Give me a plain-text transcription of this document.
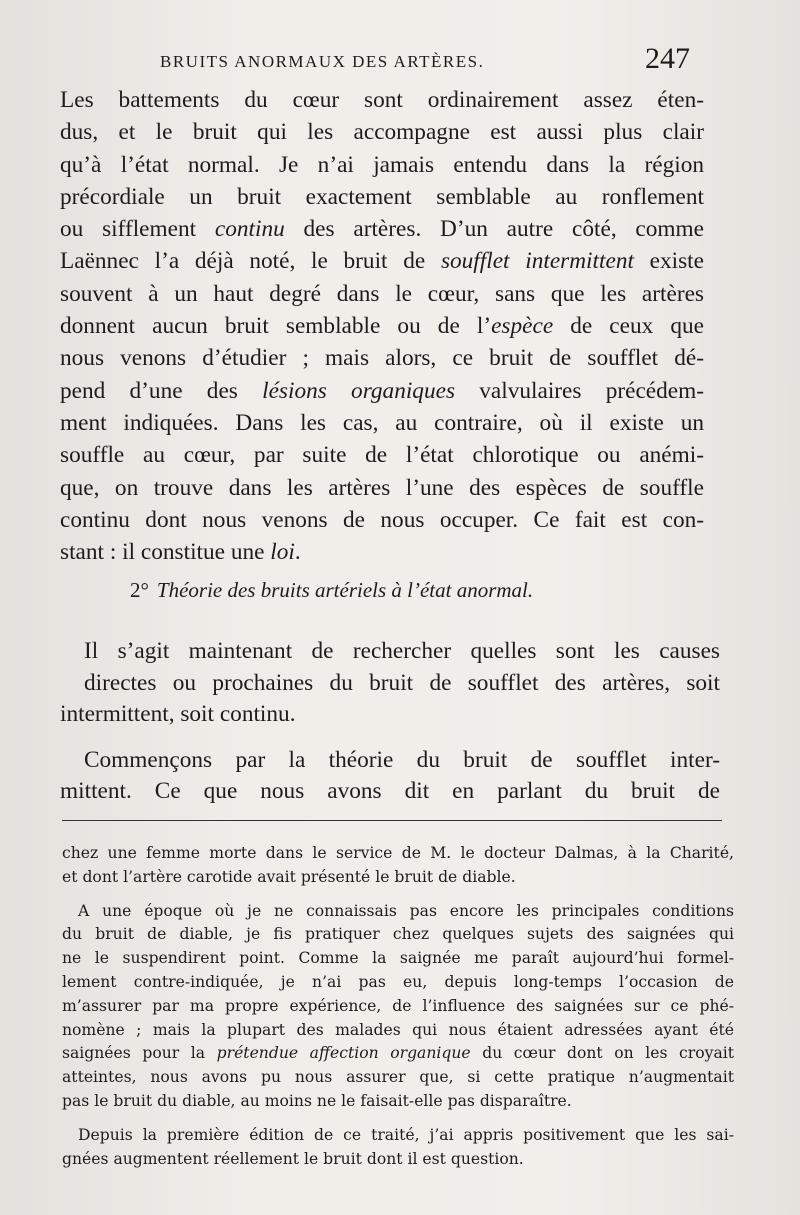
BRUITS ANORMAUX DES ARTÈRES.	247
Les battements du cœur sont ordinairement assez éten-
dus, et le bruit qui les accompagne est aussi plus clair
qu’à l’état normal. Je n’ai jamais entendu dans la région
précordiale un bruit exactement semblable au ronflement
ou sifflement continu des artères. D’un autre côté, comme
Laënnec l’a déjà noté, le bruit de soufflet intermittent existe
souvent à un haut degré dans le cœur, sans que les artères
donnent aucun bruit semblable ou de l’espèce de ceux que
nous venons d’étudier ; mais alors, ce bruit de soufflet dé-
pend d’une des lésions organiques valvulaires précédem-
ment indiquées. Dans les cas, au contraire, où il existe un
souffle au cœur, par suite de l’état chlorotique ou anémi-
que, on trouve dans les artères l’une des espèces de souffle
continu dont nous venons de nous occuper. Ce fait est con-
stant : il constitue une loi.
2° Théorie des bruits artériels à l’état anormal.
Il s’agit maintenant de rechercher quelles sont les causes
directes ou prochaines du bruit de soufflet des artères, soit
intermittent, soit continu.
Commençons par la théorie du bruit de soufflet inter-
mittent. Ce que nous avons dit en parlant du bruit de
chez une femme morte dans le service de M. le docteur Dalmas, à la Charité,
et dont l’artère carotide avait présenté le bruit de diable.
A une époque où je ne connaissais pas encore les principales conditions
du bruit de diable, je fis pratiquer chez quelques sujets des saignées qui
ne le suspendirent point. Comme la saignée me paraît aujourd’hui formel-
lement contre-indiquée, je n’ai pas eu, depuis long-temps l’occasion de
m’assurer par ma propre expérience, de l’influence des saignées sur ce phé-
nomène ; mais la plupart des malades qui nous étaient adressées ayant été
saignées pour la prétendue affection organique du cœur dont on les croyait
atteintes, nous avons pu nous assurer que, si cette pratique n’augmentait
pas le bruit du diable, au moins ne le faisait-elle pas disparaître.
Depuis la première édition de ce traité, j’ai appris positivement que les sai-
gnées augmentent réellement le bruit dont il est question.
